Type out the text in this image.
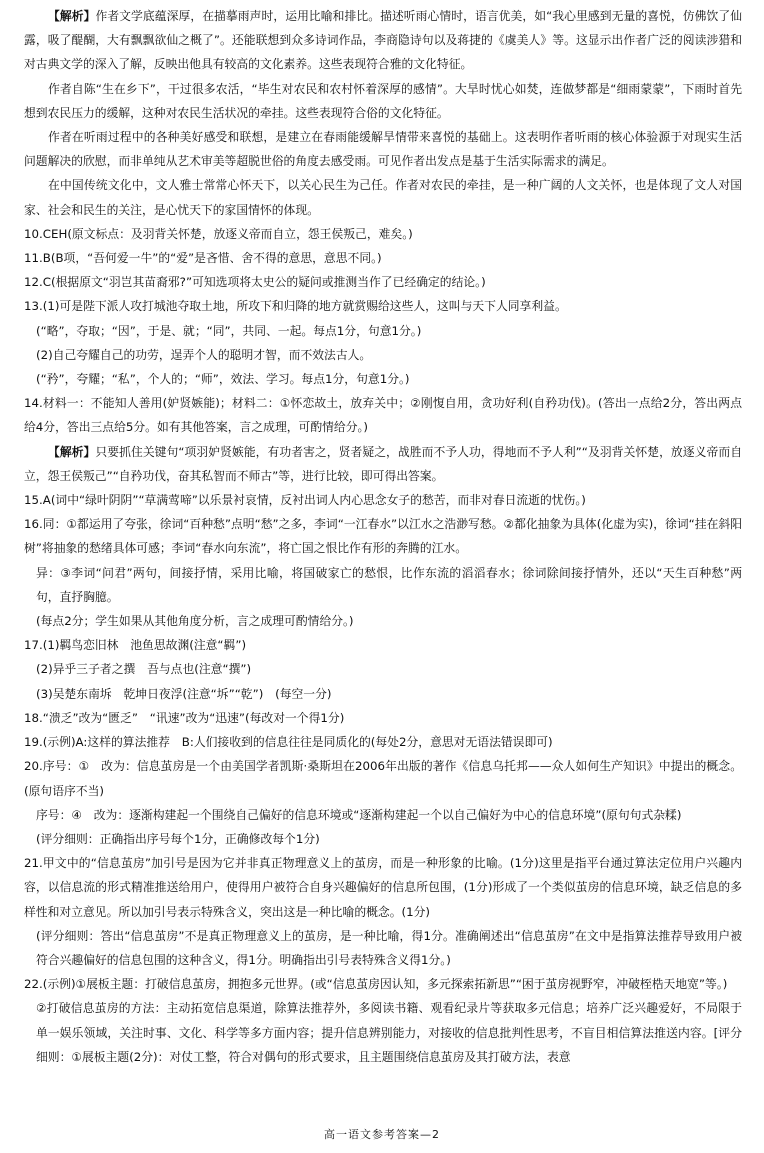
【解析】作者文学底蕴深厚，在描摹雨声时，运用比喻和排比。描述听雨心情时，语言优美，如“我心里感到无量的喜悦，仿佛饮了仙露，吸了醍醐，大有飘飘欲仙之概了”。还能联想到众多诗词作品，李商隐诗句以及蒋捷的《虞美人》等。这显示出作者广泛的阅读涉猎和对古典文学的深入了解，反映出他具有较高的文化素养。这些表现符合雅的文化特征。

作者自陈“生在乡下”，干过很多农活，“毕生对农民和农村怀着深厚的感情”。大旱时忧心如焚，连做梦都是“细雨蒙蒙”，下雨时首先想到农民压力的缓解，这种对农民生活状况的牵挂。这些表现符合俗的文化特征。

作者在听雨过程中的各种美好感受和联想，是建立在春雨能缓解旱情带来喜悦的基础上。这表明作者听雨的核心体验源于对现实生活问题解决的欣慰，而非单纯从艺术审美等超脱世俗的角度去感受雨。可见作者出发点是基于生活实际需求的满足。

在中国传统文化中，文人雅士常常心怀天下，以关心民生为己任。作者对农民的牵挂，是一种广阔的人文关怀，也是体现了文人对国家、社会和民生的关注，是心忧天下的家国情怀的体现。

10.CEH(原文标点：及羽背关怀楚，放逐义帝而自立，怨王侯叛己，难矣。)

11.B(B项，“吾何爱一牛”的“爱”是吝惜、舍不得的意思，意思不同。)

12.C(根据原文“羽岂其苗裔邪?”可知选项将太史公的疑问或推测当作了已经确定的结论。)

13.(1)可是陛下派人攻打城池夺取土地，所攻下和归降的地方就赏赐给这些人，这叫与天下人同享利益。

(“略”，夺取；“因”，于是、就；“同”，共同、一起。每点1分，句意1分。)

(2)自己夸耀自己的功劳，逞弄个人的聪明才智，而不效法古人。

(“矜”，夸耀；“私”，个人的；“师”，效法、学习。每点1分，句意1分。)

14.材料一：不能知人善用(妒贤嫉能)；材料二：①怀恋故土，放弃关中；②刚愎自用，贪功好利(自矜功伐)。(答出一点给2分，答出两点给4分，答出三点给5分。如有其他答案，言之成理，可酌情给分。)

【解析】只要抓住关键句“项羽妒贤嫉能，有功者害之，贤者疑之，战胜而不予人功，得地而不予人利”“及羽背关怀楚，放逐义帝而自立，怨王侯叛己”“自矜功伐，奋其私智而不师古”等，进行比较，即可得出答案。

15.A(词中“绿叶阴阴”“草满莺啼”以乐景衬哀情，反衬出词人内心思念女子的愁苦，而非对春日流逝的忧伤。)

16.同：①都运用了夸张，徐词“百种愁”点明“愁”之多，李词“一江春水”以江水之浩渺写愁。②都化抽象为具体(化虚为实)，徐词“挂在斜阳树”将抽象的愁绪具体可感；李词“春水向东流”，将亡国之恨比作有形的奔腾的江水。

异：③李词“问君”两句，间接抒情，采用比喻，将国破家亡的愁恨，比作东流的滔滔春水；徐词除间接抒情外，还以“天生百种愁”两句，直抒胸臆。

(每点2分；学生如果从其他角度分析，言之成理可酌情给分。)

17.(1)羁鸟恋旧林　池鱼思故渊(注意“羁”)

(2)异乎三子者之撰　吾与点也(注意“撰”)

(3)吴楚东南坼　乾坤日夜浮(注意“坼”“乾”)　(每空一分)

18.“溃乏”改为“匮乏”　“讯速”改为“迅速”(每改对一个得1分)

19.(示例)A:这样的算法推荐　B:人们接收到的信息往往是同质化的(每处2分，意思对无语法错误即可)

20.序号：①　改为：信息茧房是一个由美国学者凯斯·桑斯坦在2006年出版的著作《信息乌托邦——众人如何生产知识》中提出的概念。(原句语序不当)

序号：④　改为：逐渐构建起一个围绕自己偏好的信息环境或“逐渐构建起一个以自己偏好为中心的信息环境”(原句句式杂糅)

(评分细则：正确指出序号每个1分，正确修改每个1分)

21.甲文中的“信息茧房”加引号是因为它并非真正物理意义上的茧房，而是一种形象的比喻。(1分)这里是指平台通过算法定位用户兴趣内容，以信息流的形式精准推送给用户，使得用户被符合自身兴趣偏好的信息所包围，(1分)形成了一个类似茧房的信息环境，缺乏信息的多样性和对立意见。所以加引号表示特殊含义，突出这是一种比喻的概念。(1分)

(评分细则：答出“信息茧房”不是真正物理意义上的茧房，是一种比喻，得1分。准确阐述出“信息茧房”在文中是指算法推荐导致用户被符合兴趣偏好的信息包围的这种含义，得1分。明确指出引号表特殊含义得1分。)

22.(示例)①展板主题：打破信息茧房，拥抱多元世界。(或“信息茧房因认知，多元探索拓新思”“困于茧房视野窄，冲破桎梏天地宽”等。)

②打破信息茧房的方法：主动拓宽信息渠道，除算法推荐外，多阅读书籍、观看纪录片等获取多元信息；培养广泛兴趣爱好，不局限于单一娱乐领域，关注时事、文化、科学等多方面内容；提升信息辨别能力，对接收的信息批判性思考，不盲目相信算法推送内容。[评分细则：①展板主题(2分)：对仗工整，符合对偶句的形式要求，且主题围绕信息茧房及其打破方法，表意

高一语文参考答案—2
